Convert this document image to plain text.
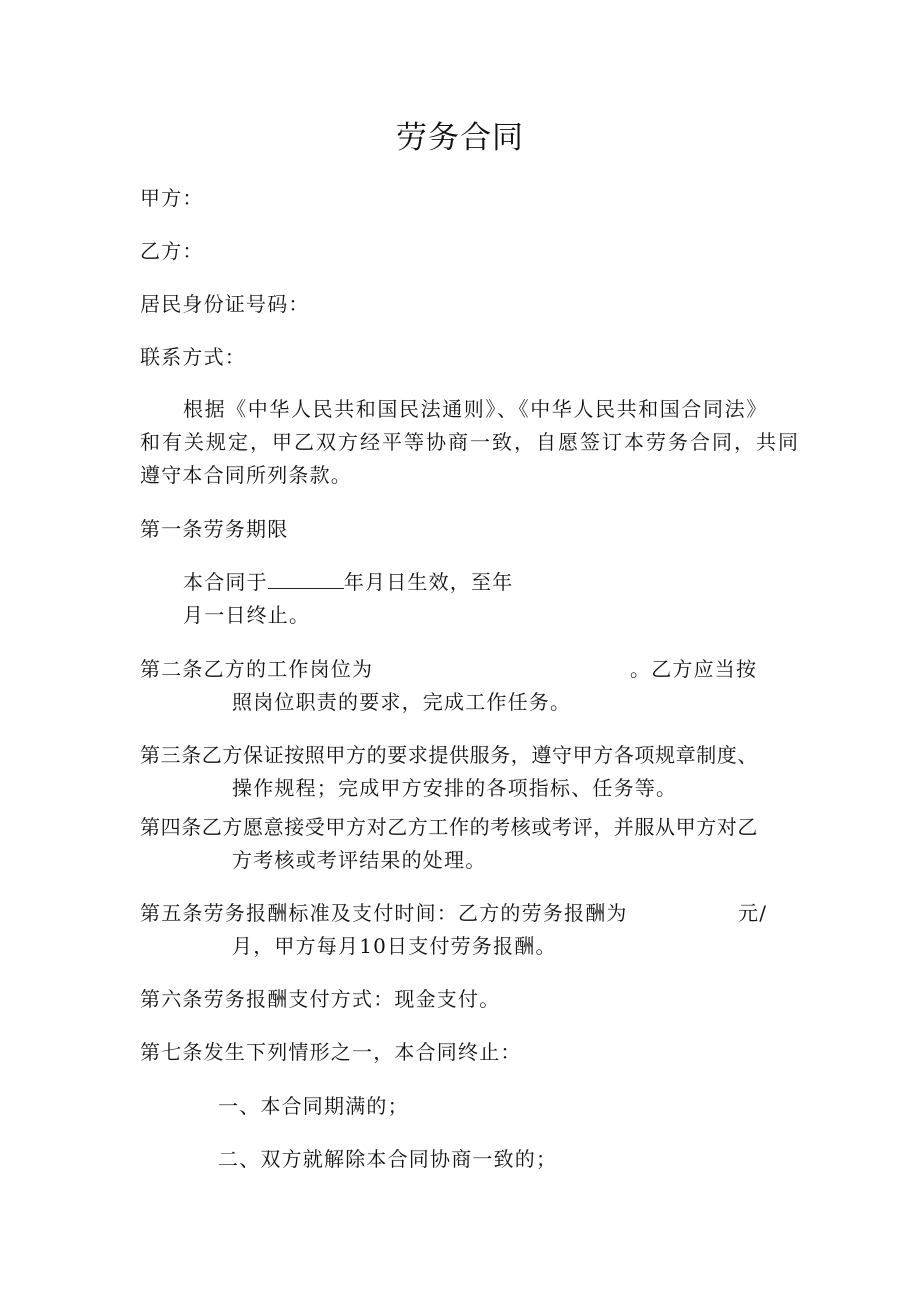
劳务合同
甲方：
乙方：
居民身份证号码：
联系方式：
根据《中华人民共和国民法通则》、《中华人民共和国合同法》
和有关规定，甲乙双方经平等协商一致，自愿签订本劳务合同，共同
遵守本合同所列条款。
第一条劳务期限
本合同于	年月日生效，至年
月一日终止。
第二条乙方的工作岗位为	。乙方应当按
照岗位职责的要求，完成工作任务。
第三条乙方保证按照甲方的要求提供服务，遵守甲方各项规章制度、
操作规程；完成甲方安排的各项指标、任务等。
第四条乙方愿意接受甲方对乙方工作的考核或考评，并服从甲方对乙
方考核或考评结果的处理。
第五条劳务报酬标准及支付时间：乙方的劳务报酬为	元/
月，甲方每月10日支付劳务报酬。
第六条劳务报酬支付方式：现金支付。
第七条发生下列情形之一，本合同终止：
一、本合同期满的；
二、双方就解除本合同协商一致的；
